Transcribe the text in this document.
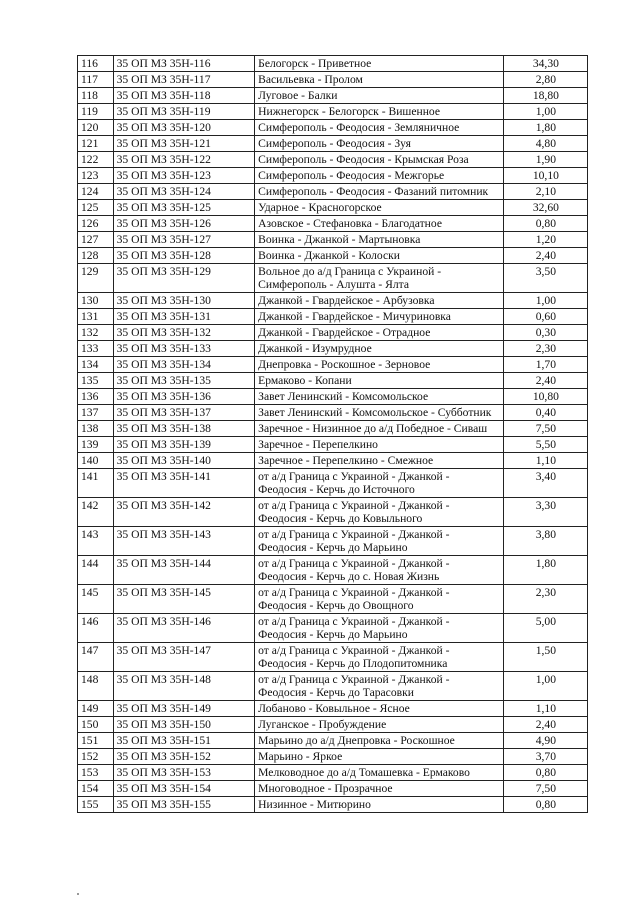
116	35 ОП МЗ 35Н-116	Белогорск - Приветное	34,30
117	35 ОП МЗ 35Н-117	Васильевка - Пролом	2,80
118	35 ОП МЗ 35Н-118	Луговое - Балки	18,80
119	35 ОП МЗ 35Н-119	Нижнегорск - Белогорск - Вишенное	1,00
120	35 ОП МЗ 35Н-120	Симферополь - Феодосия - Земляничное	1,80
121	35 ОП МЗ 35Н-121	Симферополь - Феодосия - Зуя	4,80
122	35 ОП МЗ 35Н-122	Симферополь - Феодосия - Крымская Роза	1,90
123	35 ОП МЗ 35Н-123	Симферополь - Феодосия - Межгорье	10,10
124	35 ОП МЗ 35Н-124	Симферополь - Феодосия - Фазаний питомник	2,10
125	35 ОП МЗ 35Н-125	Ударное - Красногорское	32,60
126	35 ОП МЗ 35Н-126	Азовское - Стефановка - Благодатное	0,80
127	35 ОП МЗ 35Н-127	Воинка - Джанкой - Мартыновка	1,20
128	35 ОП МЗ 35Н-128	Воинка - Джанкой - Колоски	2,40
129	35 ОП МЗ 35Н-129	Вольное до а/д Граница с Украиной - Симферополь - Алушта - Ялта	3,50
130	35 ОП МЗ 35Н-130	Джанкой - Гвардейское - Арбузовка	1,00
131	35 ОП МЗ 35Н-131	Джанкой - Гвардейское - Мичуриновка	0,60
132	35 ОП МЗ 35Н-132	Джанкой - Гвардейское - Отрадное	0,30
133	35 ОП МЗ 35Н-133	Джанкой - Изумрудное	2,30
134	35 ОП МЗ 35Н-134	Днепровка - Роскошное - Зерновое	1,70
135	35 ОП МЗ 35Н-135	Ермаково - Копани	2,40
136	35 ОП МЗ 35Н-136	Завет Ленинский - Комсомольское	10,80
137	35 ОП МЗ 35Н-137	Завет Ленинский - Комсомольское - Субботник	0,40
138	35 ОП МЗ 35Н-138	Заречное - Низинное до а/д Победное - Сиваш	7,50
139	35 ОП МЗ 35Н-139	Заречное - Перепелкино	5,50
140	35 ОП МЗ 35Н-140	Заречное - Перепелкино - Смежное	1,10
141	35 ОП МЗ 35Н-141	от а/д Граница с Украиной - Джанкой - Феодосия - Керчь до Источного	3,40
142	35 ОП МЗ 35Н-142	от а/д Граница с Украиной - Джанкой - Феодосия - Керчь до Ковыльного	3,30
143	35 ОП МЗ 35Н-143	от а/д Граница с Украиной - Джанкой - Феодосия - Керчь до Марьино	3,80
144	35 ОП МЗ 35Н-144	от а/д Граница с Украиной - Джанкой - Феодосия - Керчь до с. Новая Жизнь	1,80
145	35 ОП МЗ 35Н-145	от а/д Граница с Украиной - Джанкой - Феодосия - Керчь до Овощного	2,30
146	35 ОП МЗ 35Н-146	от а/д Граница с Украиной - Джанкой - Феодосия - Керчь до Марьино	5,00
147	35 ОП МЗ 35Н-147	от а/д Граница с Украиной - Джанкой - Феодосия - Керчь до Плодопитомника	1,50
148	35 ОП МЗ 35Н-148	от а/д Граница с Украиной - Джанкой - Феодосия - Керчь до Тарасовки	1,00
149	35 ОП МЗ 35Н-149	Лобаново - Ковыльное - Ясное	1,10
150	35 ОП МЗ 35Н-150	Луганское - Пробуждение	2,40
151	35 ОП МЗ 35Н-151	Марьино до а/д Днепровка - Роскошное	4,90
152	35 ОП МЗ 35Н-152	Марьино - Яркое	3,70
153	35 ОП МЗ 35Н-153	Мелководное до а/д Томашевка - Ермаково	0,80
154	35 ОП МЗ 35Н-154	Многоводное - Прозрачное	7,50
155	35 ОП МЗ 35Н-155	Низинное - Митюрино	0,80
